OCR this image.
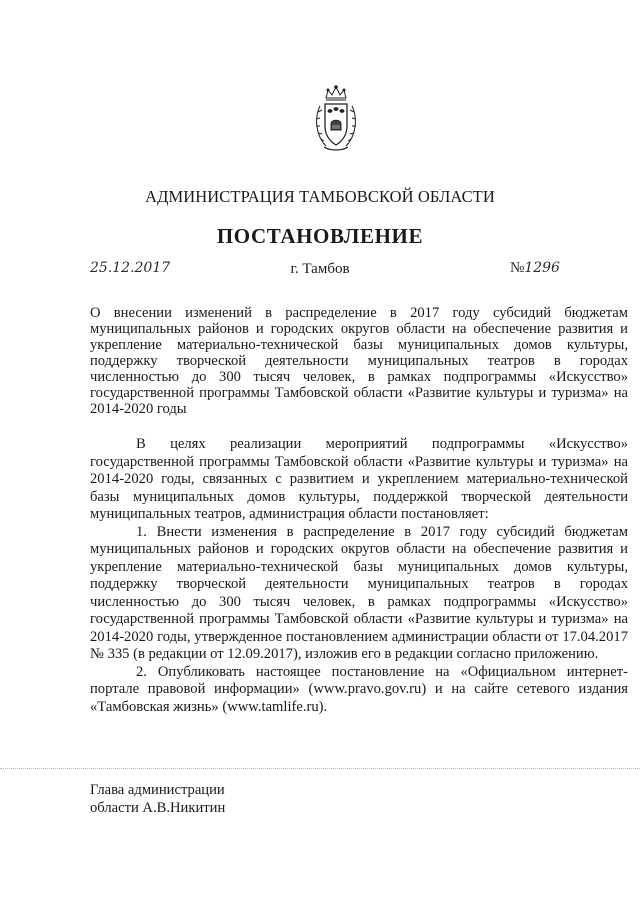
АДМИНИСТРАЦИЯ ТАМБОВСКОЙ ОБЛАСТИ
ПОСТАНОВЛЕНИЕ
25.12.2017	г. Тамбов	№1296
О внесении изменений в распределение в 2017 году субсидий бюджетам муниципальных районов и городских округов области на обеспечение развития и укрепление материально-технической базы муниципальных домов культуры, поддержку творческой деятельности муниципальных театров в городах численностью до 300 тысяч человек, в рамках подпрограммы «Искусство» государственной программы Тамбовской области «Развитие культуры и туризма» на 2014-2020 годы

В целях реализации мероприятий подпрограммы «Искусство» государственной программы Тамбовской области «Развитие культуры и туризма» на 2014-2020 годы, связанных с развитием и укреплением материально-технической базы муниципальных домов культуры, поддержкой творческой деятельности муниципальных театров, администрация области постановляет:

1. Внести изменения в распределение в 2017 году субсидий бюджетам муниципальных районов и городских округов области на обеспечение развития и укрепление материально-технической базы муниципальных домов культуры, поддержку творческой деятельности муниципальных театров в городах численностью до 300 тысяч человек, в рамках подпрограммы «Искусство» государственной программы Тамбовской области «Развитие культуры и туризма» на 2014-2020 годы, утвержденное постановлением администрации области от 17.04.2017 № 335 (в редакции от 12.09.2017), изложив его в редакции согласно приложению.

2. Опубликовать настоящее постановление на «Официальном интернет-портале правовой информации» (www.pravo.gov.ru) и на сайте сетевого издания «Тамбовская жизнь» (www.tamlife.ru).

Глава администрации
области А.В.Никитин
